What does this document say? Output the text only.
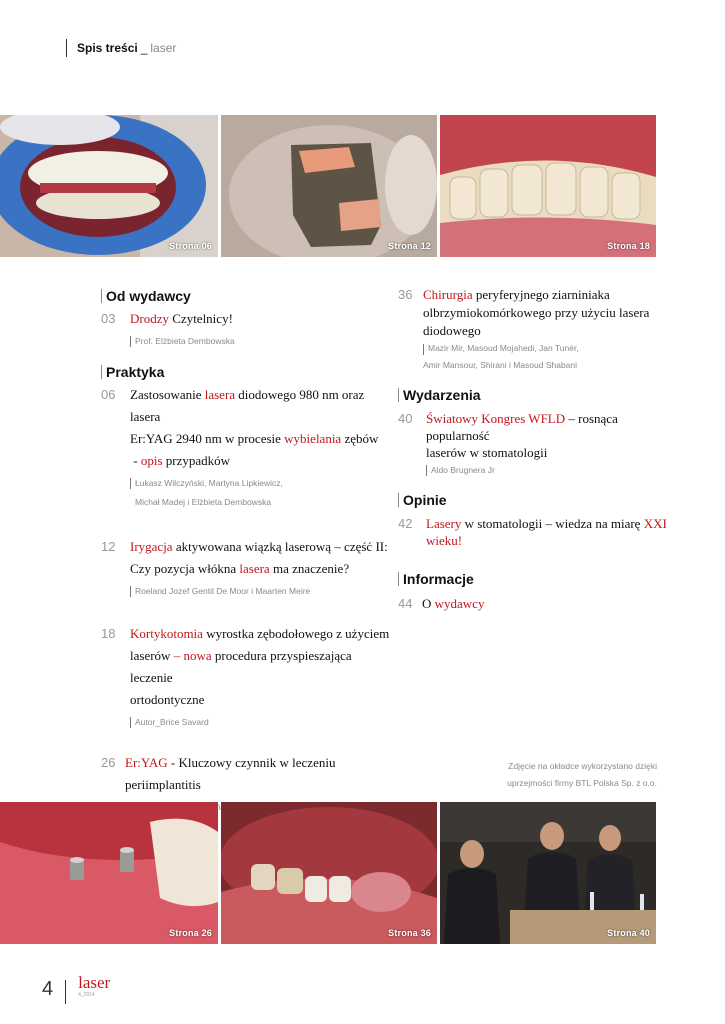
Spis treści _ laser
Strona 06	Strona 12	Strona 18
Od wydawcy
03 Drodzy Czytelnicy!
Prof. Elżbieta Dembowska
Praktyka
06 Zastosowanie lasera diodowego 980 nm oraz lasera
Er:YAG 2940 nm w procesie wybielania zębów
- opis przypadków
Łukasz Wilczyński, Martyna Lipkiewicz,
Michał Madej i Elżbieta Dembowska
12 Irygacja aktywowana wiązką laserową – część II:
Czy pozycja włókna lasera ma znaczenie?
Roeland Jozef Gentil De Moor i Maarten Meire
18 Kortykotomia wyrostka zębodołowego z użyciem
laserów – nowa procedura przyspieszająca leczenie
ortodontyczne
Autor_Brice Savard
26 Er:YAG - Kluczowy czynnik w leczeniu
periimplantitis
36 Chirurgia peryferyjnego ziarniniaka
olbrzymiokomórkowego przy użyciu lasera
diodowego
Mazir Mir, Masoud Mojahedi, Jan Tunér,
Amir Mansour, Shirani i Masoud Shabani
Wydarzenia
40 Światowy Kongres WFLD – rosnąca popularność
laserów w stomatologii
Aldo Brugnera Jr
Opinie
42 Lasery w stomatologii – wiedza na miarę XXI
wieku!
Informacje
44 O wydawcy
Zdjęcie na okładce wykorzystano dzięki
uprzejmości firmy BTL Polska Sp. z o.o.
Strona 26	Strona 36	Strona 40
4 laser
4_2014
